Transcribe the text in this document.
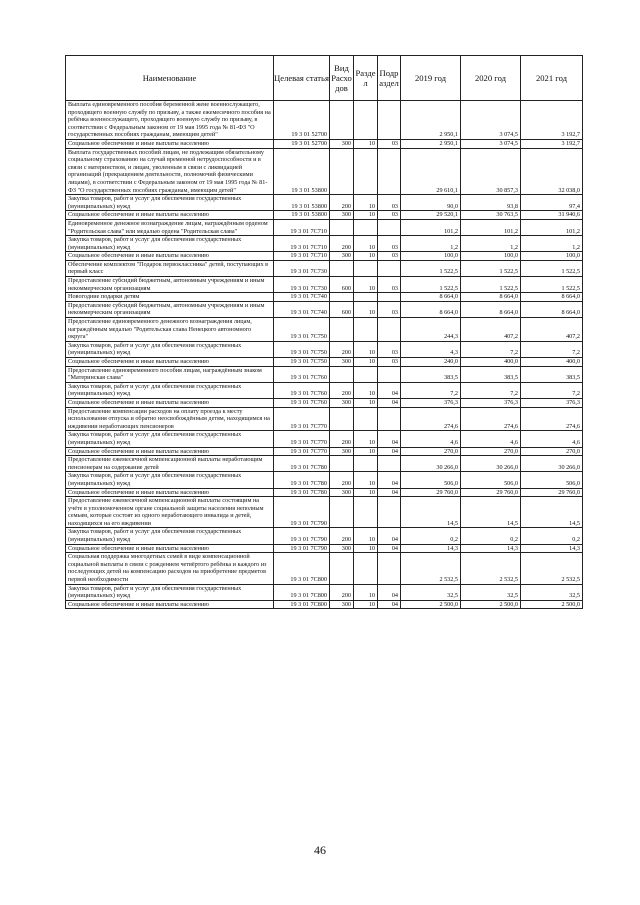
Наименование	Целевая статья	Вид Расхо дов	Разде л	Подр аздел	2019 год	2020 год	2021 год
Выплата единовременного пособия беременной жене военнослужащего, проходящего военную службу по призыву, а также ежемесячного пособия на ребёнка военнослужащего, проходящего военную службу по призыву, в соответствии с Федеральным законом от 19 мая 1995 года № 81-ФЗ "О государственных пособиях гражданам, имеющим детей"	19 3 01 52700				2 950,1	3 074,5	3 192,7
Социальное обеспечение и иные выплаты населению	19 3 01 52700	300	10	03	2 950,1	3 074,5	3 192,7
Выплата государственных пособий лицам, не подлежащим обязательному социальному страхованию на случай временной нетрудоспособности и в связи с материнством, и лицам, уволенным в связи с ликвидацией организаций (прекращением деятельности, полномочий физическими лицами), в соответствии с Федеральным законом от 19 мая 1995 года № 81-ФЗ "О государственных пособиях гражданам, имеющим детей"	19 3 01 53800				29 610,1	30 857,3	32 038,0
Закупка товаров, работ и услуг для обеспечения государственных (муниципальных) нужд	19 3 01 53800	200	10	03	90,0	93,8	97,4
Социальное обеспечение и иные выплаты населению	19 3 01 53800	300	10	03	29 520,1	30 763,5	31 940,6
Единовременное денежное вознаграждение лицам, награждённым орденом "Родительская слава" или медалью ордена "Родительская слава"	19 3 01 7С710				101,2	101,2	101,2
Закупка товаров, работ и услуг для обеспечения государственных (муниципальных) нужд	19 3 01 7С710	200	10	03	1,2	1,2	1,2
Социальное обеспечение и иные выплаты населению	19 3 01 7С710	300	10	03	100,0	100,0	100,0
Обеспечение комплектом "Подарок первоклассника" детей, поступающих в первый класс	19 3 01 7С730				1 522,5	1 522,5	1 522,5
Предоставление субсидий бюджетным, автономным учреждениям и иным некоммерческим организациям	19 3 01 7С730	600	10	03	1 522,5	1 522,5	1 522,5
Новогодние подарки детям	19 3 01 7С740				8 664,0	8 664,0	8 664,0
Предоставление субсидий бюджетным, автономным учреждениям и иным некоммерческим организациям	19 3 01 7С740	600	10	03	8 664,0	8 664,0	8 664,0
Предоставление единовременного денежного вознаграждения лицам, награждённым медалью "Родительская слава Ненецкого автономного округа"	19 3 01 7С750				244,3	407,2	407,2
Закупка товаров, работ и услуг для обеспечения государственных (муниципальных) нужд	19 3 01 7С750	200	10	03	4,3	7,2	7,2
Социальное обеспечение и иные выплаты населению	19 3 01 7С750	300	10	03	240,0	400,0	400,0
Предоставление единовременного пособия лицам, награждённым знаком "Материнская слава"	19 3 01 7С760				383,5	383,5	383,5
Закупка товаров, работ и услуг для обеспечения государственных (муниципальных) нужд	19 3 01 7С760	200	10	04	7,2	7,2	7,2
Социальное обеспечение и иные выплаты населению	19 3 01 7С760	300	10	04	376,3	376,3	376,3
Предоставление компенсации расходов на оплату проезда к месту использования отпуска и обратно неосвобождённым детям, находящимся на иждивении неработающих пенсионеров	19 3 01 7С770				274,6	274,6	274,6
Закупка товаров, работ и услуг для обеспечения государственных (муниципальных) нужд	19 3 01 7С770	200	10	04	4,6	4,6	4,6
Социальное обеспечение и иные выплаты населению	19 3 01 7С770	300	10	04	270,0	270,0	270,0
Предоставление ежемесячной компенсационной выплаты неработающим пенсионерам на содержание детей	19 3 01 7С780				30 266,0	30 266,0	30 266,0
Закупка товаров, работ и услуг для обеспечения государственных (муниципальных) нужд	19 3 01 7С780	200	10	04	506,0	506,0	506,0
Социальное обеспечение и иные выплаты населению	19 3 01 7С780	300	10	04	29 760,0	29 760,0	29 760,0
Предоставление ежемесячной компенсационной выплаты состоящим на учёте в уполномоченном органе социальной защиты населения неполным семьям, которые состоят из одного неработающего инвалида и детей, находящихся на его иждивении	19 3 01 7С790				14,5	14,5	14,5
Закупка товаров, работ и услуг для обеспечения государственных (муниципальных) нужд	19 3 01 7С790	200	10	04	0,2	0,2	0,2
Социальное обеспечение и иные выплаты населению	19 3 01 7С790	300	10	04	14,3	14,3	14,3
Социальная поддержка многодетных семей в виде компенсационной социальной выплаты в связи с рождением четвёртого ребёнка и каждого из последующих детей на компенсацию расходов на приобретение предметов первой необходимости	19 3 01 7С800				2 532,5	2 532,5	2 532,5
Закупка товаров, работ и услуг для обеспечения государственных (муниципальных) нужд	19 3 01 7С800	200	10	04	32,5	32,5	32,5
Социальное обеспечение и иные выплаты населению	19 3 01 7С800	300	10	04	2 500,0	2 500,0	2 500,0
46
